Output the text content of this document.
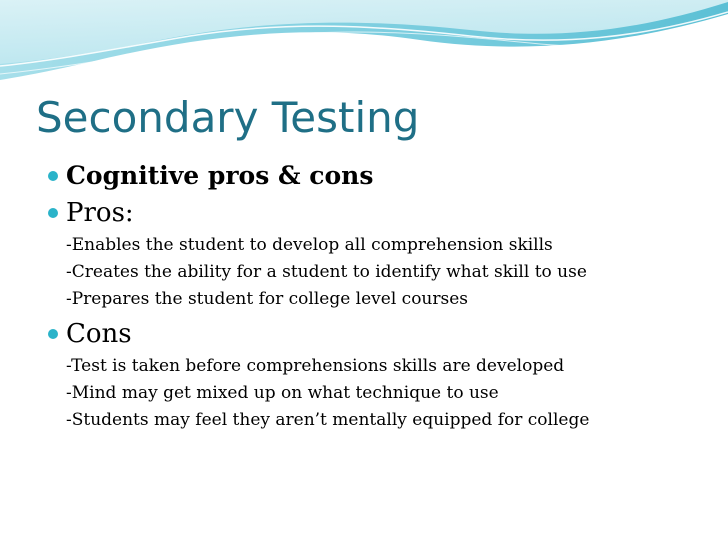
Secondary Testing
Cognitive pros & cons
Pros:
-Enables the student to develop all comprehension skills
-Creates the ability for a student to identify what skill to use
-Prepares the student for college level courses
Cons
-Test is taken before comprehensions skills are developed
-Mind may get mixed up on what technique to use
-Students may feel they aren’t mentally equipped for college
